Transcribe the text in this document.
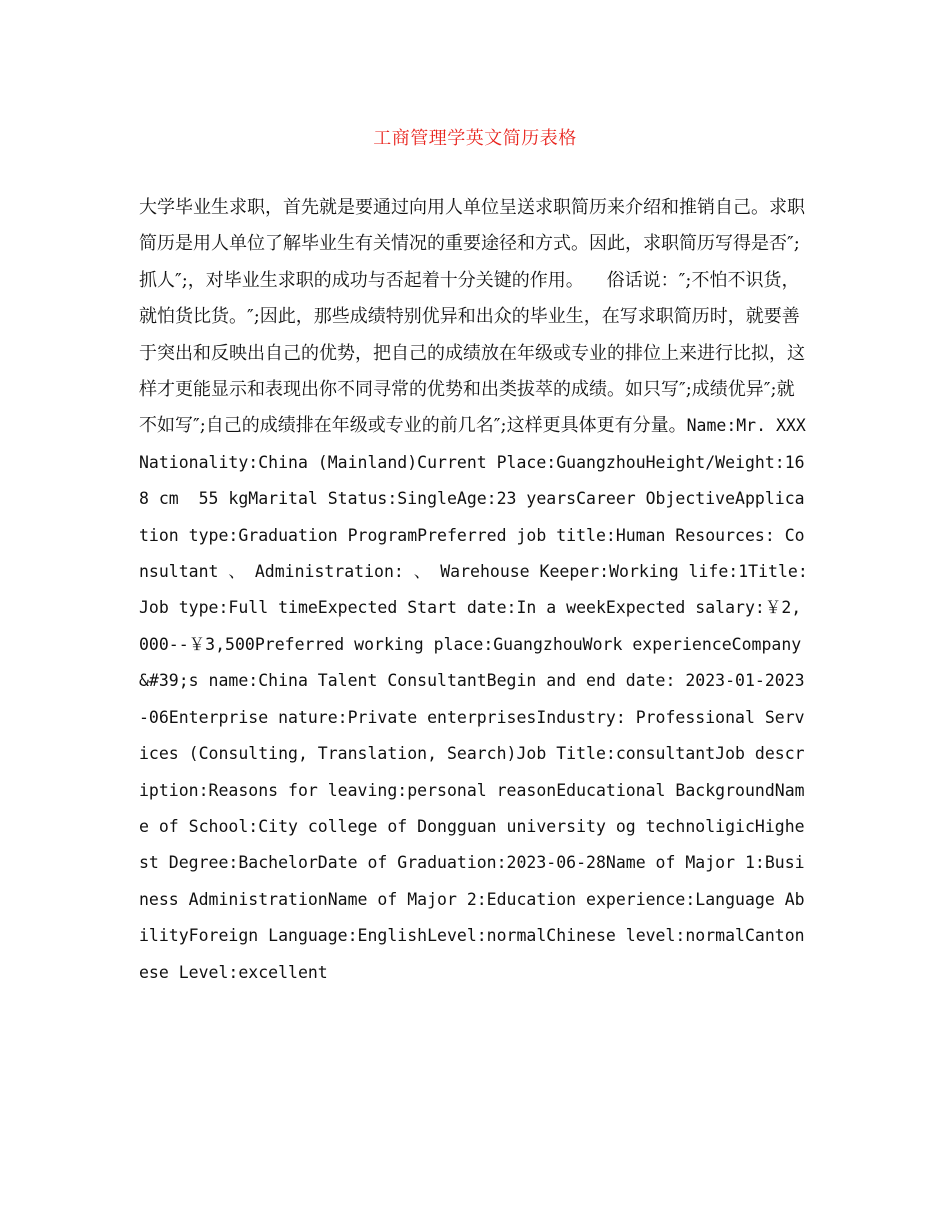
工商管理学英文简历表格

大学毕业生求职，首先就是要通过向用人单位呈送求职简历来介绍和推销自己。求职简历是用人单位了解毕业生有关情况的重要途径和方式。因此，求职简历写得是否″;抓人″;，对毕业生求职的成功与否起着十分关键的作用。    俗话说：″;不怕不识货，就怕货比货。″;因此，那些成绩特别优异和出众的毕业生，在写求职简历时，就要善于突出和反映出自己的优势，把自己的成绩放在年级或专业的排位上来进行比拟，这样才更能显示和表现出你不同寻常的优势和出类拔萃的成绩。如只写″;成绩优异″;就不如写″;自己的成绩排在年级或专业的前几名″;这样更具体更有分量。Name:Mr. XXXNationality:China (Mainland)Current Place:GuangzhouHeight/Weight:168 cm  55 kgMarital Status:SingleAge:23 yearsCareer ObjectiveApplication type:Graduation ProgramPreferred job title:Human Resources: Consultant 、 Administration: 、 Warehouse Keeper:Working life:1Title:Job type:Full timeExpected Start date:In a weekExpected salary:￥2,000--￥3,500Preferred working place:GuangzhouWork experienceCompany&#39;s name:China Talent ConsultantBegin and end date: 2023-01-2023-06Enterprise nature:Private enterprisesIndustry: Professional Services (Consulting, Translation, Search)Job Title:consultantJob description:Reasons for leaving:personal reasonEducational BackgroundName of School:City college of Dongguan university og technoligicHighest Degree:BachelorDate of Graduation:2023-06-28Name of Major 1:Business AdministrationName of Major 2:Education experience:Language AbilityForeign Language:EnglishLevel:normalChinese level:normalCantonese Level:excellent
